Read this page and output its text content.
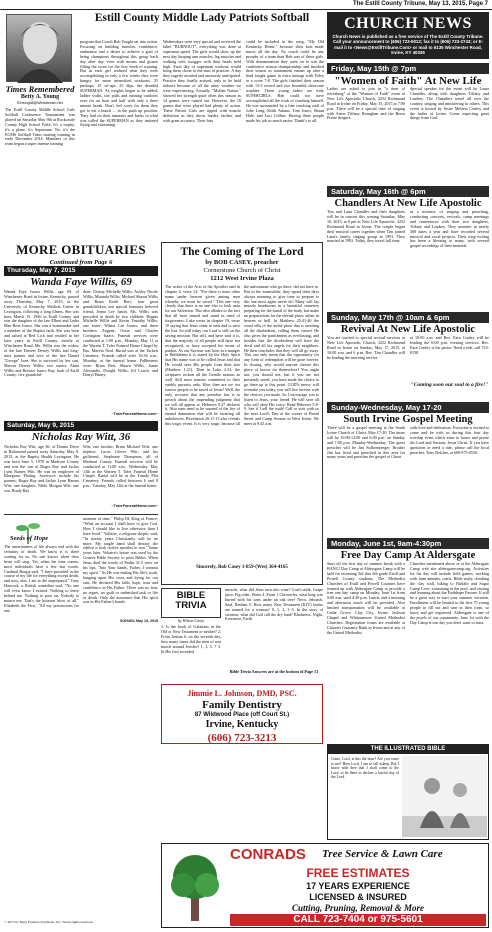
The Estill County Tribune, May 13, 2015, Page 7
Estill County Middle Lady Patriots Softball
Times Remembered
Betty A. Young
BYoung58@Windstream.Net
The Estill County Middle School Girls Softball Conference Tournament was played on Saturday May 9th at Rockcastle County High School Field. It's a trophy, it's a plane, it's Superman. No, it's the ECMS Softball Team starting training in early December 2014. Members of this team began a super intense training
program that Coach Bob Vaught set into action. Focusing on building muscles, confidence, endurance and a desire to achieve a goal of being champions throughout this group back day after day, even with moans and groans filling the room for the first week of training. But as each girl realized what they were accomplishing in only a few weeks they were hungry for more intensified workouts. 25 pushups, 25 sit-ups, 25 dips, the dreaded SUPERMAN. As weights began to be added, ladder walks, tire pulls and running outdoors over for an hour and half with only a three minute break. Don't feel sorry for them they got to eat a bunch ... in the push up position. They laid on their tummies and backs in what was called the SUPERMAN as they imitated flying and swimming.
Wednesdays were very special and received the label "BURNOUT", everything was done at superman speed. The girls would show up the next day limping arm muscles, leg muscles and walking with swagger with their heads held high. Each day of superman workout would bring them closer to the start of practice. A day they eagerly awaited and anxiously anticipated. Practice they finally arrived, only to be held indoors because of all the rainy weather we were experiencing. Actually, "Mother Nature," showed her strength quite often this season as 14 games were rained out. However, the 18 games that were played had plenty of action. These Patriot Girls are ripped with muscle definition as they throw harder, farther, and with great accuracy. Their bats
could be included in the song, "My Old Kentucky Home," because their bats made music all the day. No coach could be any prouder of a team than Bob was of these girls. With determination they went on to win the conference season championship and finished their season as tournament runner up after a hard fought game in extra innings with Foley to a score 7-8. The girls finished their season with 13-3 record and two beautiful showcase trophies. These young ladies are truly SUPERGIRLS. Bob could not have accomplished all the work of coaching himself. He was surrounded by a fine coaching staff of Jolie Long, Keith Adams, Tom Jones, Shaun Hale, and Lori Collins. Having these people made his job so much easier. Thank's to all.
MORE OBITUARIES
Continued from Page 6
Thursday, May 7, 2015
Wanda Faye Willis, 69
Wanda Faye Isaacs Willis, age 69, of Winchester Road in Irvine, Kentucky, passed away Thursday, May 7, 2015, at the University of Kentucky Medical Center in Lexington, following a long illness. She was born March 15, 1946 in Estill County and was the daughter of the late Elbert and Letha Mae Rose Isaacs. She was a homemaker and a member of the Baptist faith. She was born and raised at Red Lick and resided in her later years in Estill County, mostly at Winchester Road. Ms. Willis was the widow of the late Denver Dewey Willis and long-time partner and love of the late Daniel "George" Ison. She is survived by her son, Marvin Dewey Willis; two sisters: Alma Willis and Bernice Isaacs Ray, both of Estill County; five grandchil-
dren: Christy Michelle Willis, Ashley Nicole Willis, Miranda Willis, Michael Shawn Willis and Brian Keith Bert; four great grandchildren, one special honorary beloved friend, Jenna Lee Justin. Ms. Willis was preceded in death by two children: Regina Michelle Willis and Kevin Timothy Willis; one sister: Wilma Lee Isaacs; and three brothers: Eugene, Oscar and Charles Covington Isaacs. Funeral services were conducted at 1:00 p.m., Monday, May 11 at the Warren T. Toler Funeral Home Chapel by Bro. Marvin Neal. Burial was at the Tackett Cemetery. Friends called after 10:30 a.m., Monday, at the funeral home. Pallbearers were: Brian Bert, Shawn Willis, Jamie Alexander, Dwight Willis, Ed Couch, and Darryl Haney.
~TolerFuneralHome.com~
Saturday, May 9, 2015
Nicholas Ray Witt, 36
Nicholas Ray Witt, age 36, of Donna Drive in Richmond passed away Saturday, May 9, 2015, at the Baptist Health Lexington. He was born June 5, 1978 in Madison County and was the son of Roger Ray and Jackie Lynn Barnes Witt. He was an employee of Bluegrass Plating. Survivors include his parents, Roger Ray and Jackie Lynn Barnes Witt; one daughter, Nikki Morgan Witt; one son, Brady Ray
Witt; one brother, Brian Michael Witt; one nephew, Lucas Glover Witt; and his girlfriend, Stephanie Thompson, all of Madison County. Funeral services will be conducted at 11:00 a.m., Wednesday, May 13th at the Warren T. Toler Funeral Home Chapel. Burial will be at the Family Plot Cemetery. Friends called between 6 and 9 p.m., Tuesday, May 12th at the funeral home.
~TolerFuneralHome.com~
Seeds of Hope
The uncertainties of life always end with the certainty of death. We know it is there waiting for us. No one knows when their heart will stop. Yet, when the time comes, most individuals have a few last words. Cardinal Borgia said, "I have provided in the course of my life for everything except death, and now, alas, I am to die unprepared." Tony Hancock, a British comedian said, "No one will even know I existed. Nothing to leave behind me. Nothing to pass on. Nobody to mourn me. That's the bitterest blow of all." Elizabeth the First, "All my possessions for one
moment of time." Philip III, King of France: "What an account I shall have to give God. How I should like to live otherwise than I have lived." Voltaire, a religious skeptic said, "In twenty years Christianity will be no more. My single hand shall destroy the edifice it took twelve apostles to rear." Some years later, Voltaire's house was used by the Geneva Bible Society to print Bibles. When Jesus died the words of Psalm 31:5 were on his lips, "Into Your hands, Father, I commit my spirit." As He was ending His life's work, hanging upon His cross and dying for our sins, He declared His faith, hope, trust and confidence in His Father. There was no fear, no regret, no guilt or unfinished task or life or death. Only the assurance that His spirit was in His Father's hands.
SOH403- May 13, 2015
The Coming of The Lord
by BOB CASEY, preacher
Cornerstone Church of Christ
1212 West Irvine Plaza
The writer of the Acts of the Apostles said in chapter 4, verse 12: "For there is none other name under heaven given among men whereby we must be saved." This one very clearly that there is no one else to look unto for our Salvation. This also alludes to the fact that all have sinned and stand in need of forgiveness. Luke wrote in chapter 19, verse 10 saying that Jesus came to seek and to save the lost. So still today our Lord is still on the saving mission. But still, and have said it is, that the majority of all people still have not recognized, or have accepted his terms of pardon. As our Saviour was born in a manger in Bethlehem it is stated by the Holy Spirit that His name was to be called Jesus and that He would save His people from their sins (Matthew 1:21). Then in Luke 2:32, the scriptures reckon all the Gentile nations as well. Still most reasons committed to their earthly pursuits only. How then are we too sorrow people to be saved of Jesus? Well, the only recourse that any preacher has is to preach about the impending judgment that we will all appear at. Hebrews 9:27 declares it. Also men need to be warned of the fire of eternal damnation that will be awaiting all unbelievers. Revelation 20:11-15 also reveals this tragic event. It is very tragic because all the unfortunate who go there, did not have to. But in the meanwhile, they spend their days always meaning to give time to prepare to die, but most again never do! Many will lay muzzle headstones in a beautiful cemetery preparing for the burial of the body, but make no preparations for the eternal place, either in heaven or hell. In Matthew 25:41-46 the worst tells of the awful place that is awaiting all the disobedient, calling them cursed. He also gives the punishment as everlasting, and besides that the disobedient will have the devil and all his angels for their neighbors. He then concludes that they will all go away. This can only mean that the opportunity for any form of redemption will be gone forever. In closing, why would anyone choose this place of horror for themselves? You ought not, you should not, but if you are not presently saved, you have made the choice to go there up to this point. GOD'S mercy will overtake you today, you will live forever with the choices you made. So I encourage you to listen to Jesus, your friend. He will save all who will obey His voice. Read Hebrews 5:8-9. See if I tell the truth! Call or visit with us the next Lord's Day at the corner of Broad Street and Camp Avenue in West Irvine. We meet at 9:45 a.m.
Sincerely, Bob Casey 1-859-(Wes) 364-4165
BIBLE TRIVIA
by Wilson Casey
1. Is the book of Galatians in the Old or New Testament or neither? 2. From Joshua 6, on the seventh day, how many times did the men of war march around Jericho? 1, 3, 5, 7 3. In His first recorded
miracle, what did Jesus turn into wine? Goat's milk, Grape juice, Fig cider, Water 4. From 1 Chronicles, what king was buried with his sons under an oak tree? Neco, Jehoash, Saul, Reuben 5. How many New Testament (KJV) books are named for a woman? 0, 1, 2, 3 6. In the story of creation, what did God call the dry land? Blackness, Night, Evermore, Earth
Bible Trivia Answers are at the bottom of Page 13
Jimmie L. Johnson, DMD, PSC.
Family Dentistry
87 Wildwood Place (off Court St.)
Irvine, Kentucky
(606) 723-3213
CHURCH NEWS
Church News is published as a free service of The Estill County Tribune. Call your announcement to (606) 723-5012; fax it to (606) 723-2743; or E-mail it to <News@EstillTribune.Com> or mail to 6135 Winchester Road, Irvine, KY 40336
Friday, May 15th @ 7pm
"Women of Faith" At New Life
Ladies are asked to join in "a time of refreshing" at the "Women of Faith" event at New Life Apostolic Church, 3252 Richmond Road in Irvine on Friday, May 15, 2015 at 7:00 p.m. There will be a special time of singing with Sister Tiffany Honaghan and the Berea Praise Singers.
Special speaker for the event will be Laura Chandler, along with daughters Tiffany and Lindsey. The Chandlers travel all over the country, singing and ministering to others. This event is hosted by Sister Melissa Conley and the ladies of Irvine. Come expecting great things from God.
Saturday, May 16th @ 6pm
Chandlers At New Life Apostolic
Tim and Lana Chandler and their daughters will be in concert this coming Saturday, May 16, 2015, at 6 pm at New Life Apostolic, 3252 Richmond Road in Irvine. The couple began their musical career together when Tim joined Lana's family singing group in 1991. They married in 1992. Today, they travel full time
in a ministry of singing and preaching, conducting concerts, revivals, camp meetings and conferences with their two daughters, Tiffany and Lindsey. They minister in nearly 300 dates a year and have recorded several musical and vocal projects. Their song writing has been a blessing to many, with several gospel recordings of their material.
Sunday, May 17th @ 10am & 6pm
Revival At New Life Apostolic
You are invited to special revival services at New Life Apostolic Church, 3252 Richmond Road in Irvine on Sunday, May 17, 2015, at 10:00 a.m. and 6 p.m. Rev. Tim Chandler will be leading the morning service
at 10:00 a.m. and Rev. Ezra Conley will be leading the 6:00 p.m. evening services. Rev. Ezra Conley is the pastor. Need a ride, call 723-0158.
"Coming soon our soul to a fire!"
Sunday-Wednesday, May 17-20
South Irvine Gospel Meeting
There will be a gospel meeting at the South Irvine Church of Christ, May 17-20. The times will be 10:00-12:00 and 6:00 p.m. on Sunday and 7:00 p.m. Monday-Wednesday. The guest preacher will be Jim Sulhonsteeger. Brother Jim has lived and preached in this area for many years and preaches the gospel of Christ
with love and dedication. Everyone is invited to come and be with us during this four day worship event which aims to honor and praise the Lord and Saviour, Jesus Christ. If you have questions or need a ride, please call the local preacher, Tony Belcher, at 606-975-0550.
Monday, June 1st, 9am-4:30pm
Free Day Camp At Aldersgate
Start off the first day of summer break with a BANG! Day Camp at Aldersgate Camp will be held for incoming 3rd thru 6th grade Estill and Powell County students. The Methodist Churches of Estill and Powell Counties have teamed up with Aldersgate Camp to provide a free one day camp on Monday, June 1st from 9:00 a.m. until 4:30 p.m. Lunch, and a morning and afternoon snack will be provided. Also limited transportation will be available at Cedar Grove, Clay City, Irvine, Jackson Chapel and Whitesamore United Methodist Churches. Registration forms are available at Citizen's Guaranty Bank in Irvine and at any of the United Methodist
Churches mentioned above or at the Aldersgate Camp web site aldersgatecamp.org. Activities for the day will include field games, working with farm animals, crafts, Bible study, climbing the clay wall, biking to Buffalo and Sugar Camp Cove, swimming in the pool, and visiting and learning about the Faithhope Pasture. It will be a great way to start your summer vacation. Enrollment will be limited to the first 75 young people to fill out and turn in their form, so hurry and get registered. Aldersgate is one of the jewels of our community. June 1st with the Day Camp is one day you don't want to miss.
THE ILLUSTRATED BIBLE
Come, Lord, is this the hour? Are you come to me? Hear Lord, I am to fall asleep. But I know with thee that I shall come to the Lord, to be there to declare a lawful day of the Lord.
CONRADS Tree Service & Lawn Care
FREE ESTIMATES
17 YEARS EXPERIENCE
LICENSED & INSURED
Cutting, Pruning, Removal & More
CALL 723-7404 or 975-5601
© 2015 by King Features Syndicate, Inc. World rights reserved.
